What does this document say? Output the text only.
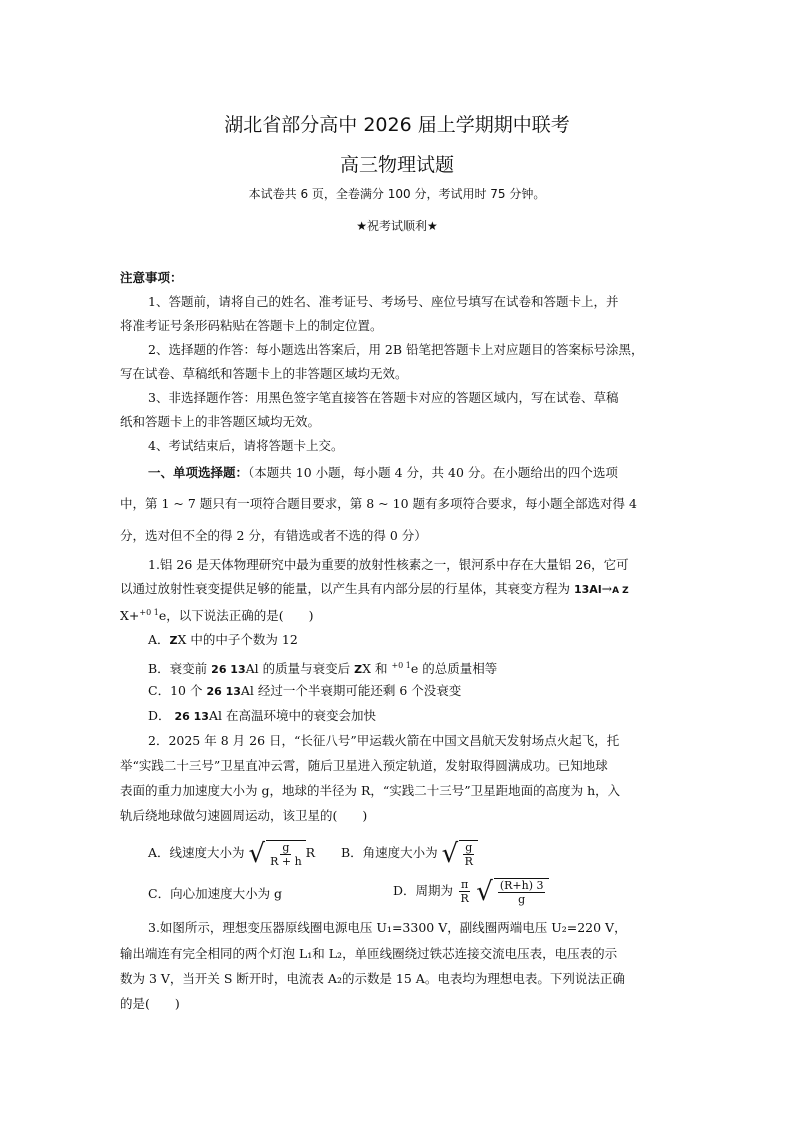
湖北省部分高中 2026 届上学期期中联考
高三物理试题
本试卷共 6 页，全卷满分 100 分，考试用时 75 分钟。
★祝考试顺利★
注意事项：
1、答题前，请将自己的姓名、准考证号、考场号、座位号填写在试卷和答题卡上，并
将准考证号条形码粘贴在答题卡上的制定位置。
2、选择题的作答：每小题选出答案后，用 2B 铅笔把答题卡上对应题目的答案标号涂黑，
写在试卷、草稿纸和答题卡上的非答题区域均无效。
3、非选择题作答：用黑色签字笔直接答在答题卡对应的答题区域内，写在试卷、草稿
纸和答题卡上的非答题区域均无效。
4、考试结束后，请将答题卡上交。
一、单项选择题：（本题共 10 小题，每小题 4 分，共 40 分。在小题给出的四个选项
中，第 1 ~ 7 题只有一项符合题目要求，第 8 ~ 10 题有多项符合要求，每小题全部选对得 4
分，选对但不全的得 2 分，有错选或者不选的得 0 分）
1.铝 26 是天体物理研究中最为重要的放射性核素之一，银河系中存在大量铝 26，它可
以通过放射性衰变提供足够的能量，以产生具有内部分层的行星体，其衰变方程为 13Al→A Z
X+$^{+0 1}$e，以下说法正确的是(　　)
A．ZX 中的中子个数为 12
B．衰变前 26 13Al 的质量与衰变后 ZX 和 $^{+0 1}$e 的总质量相等
C．10 个 26 13Al 经过一个半衰期可能还剩 6 个没衰变
D． 26 13Al 在高温环境中的衰变会加快
2．2025 年 8 月 26 日，“长征八号”甲运载火箭在中国文昌航天发射场点火起飞，托
举“实践二十三号”卫星直冲云霄，随后卫星进入预定轨道，发射取得圆满成功。已知地球
表面的重力加速度大小为 g，地球的半径为 R，“实践二十三号”卫星距地面的高度为 h，入
轨后绕地球做匀速圆周运动，该卫星的(　　)
A．线速度大小为 √ $\frac{g}{R + h}$ R B．角速度大小为 √ $\frac{g}{R}$
C．向心加速度大小为 g	D．周期为 $\frac{\pi}{R}$
√ $\frac{(R+h) 3}{g}$
3.如图所示，理想变压器原线圈电源电压 U₁=3300 V，副线圈两端电压 U₂=220 V，
输出端连有完全相同的两个灯泡 L₁和 L₂，单匝线圈绕过铁芯连接交流电压表，电压表的示
数为 3 V，当开关 S 断开时，电流表 A₂的示数是 15 A。电表均为理想电表。下列说法正确
的是(　　)
